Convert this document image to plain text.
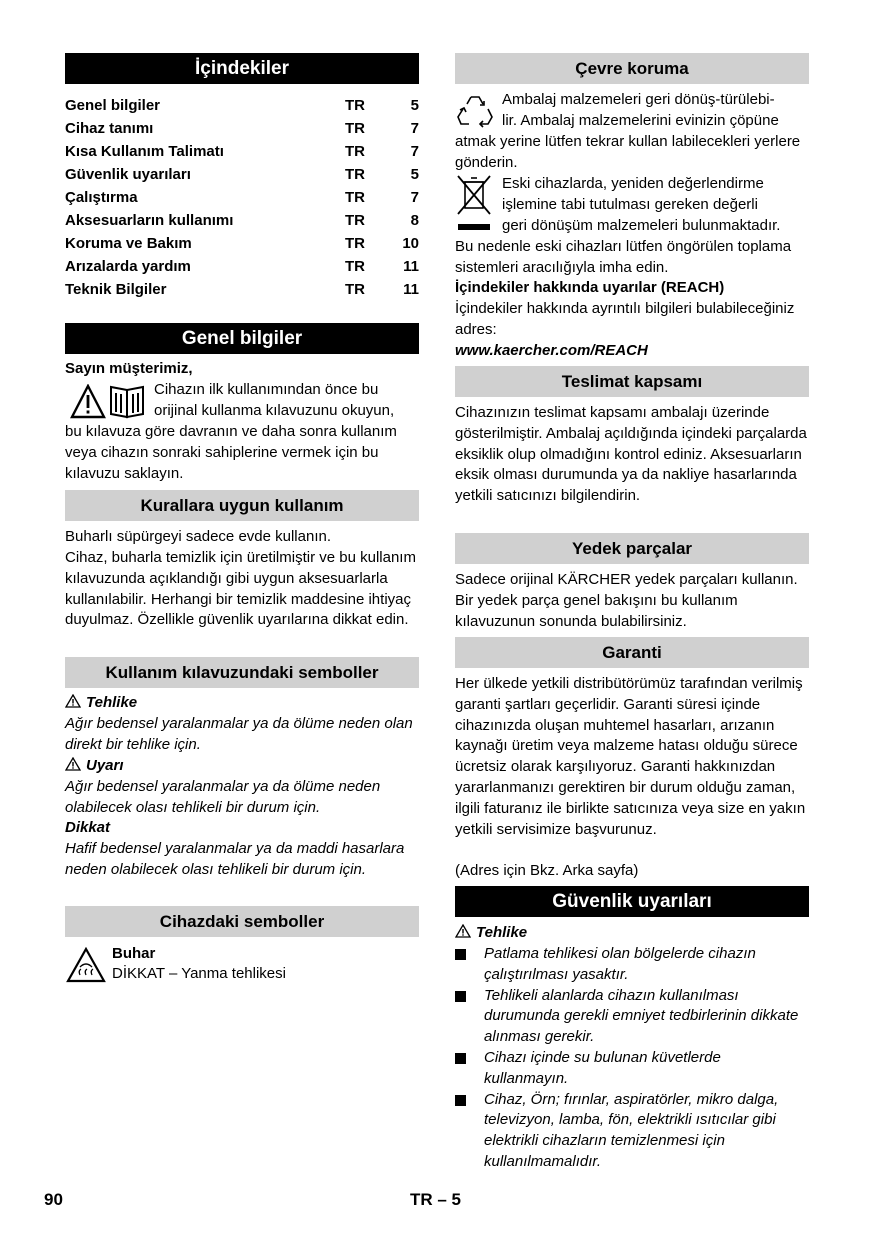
İçindekiler
Genel bilgiler	TR	5
Cihaz tanımı	TR	7
Kısa Kullanım Talimatı	TR	7
Güvenlik uyarıları	TR	5
Çalıştırma	TR	7
Aksesuarların kullanımı	TR	8
Koruma ve Bakım	TR	10
Arızalarda yardım	TR	11
Teknik Bilgiler	TR	11
Genel bilgiler
Sayın müşterimiz,
Cihazın ilk kullanımından önce bu
orijinal kullanma kılavuzunu okuyun,

bu kılavuza göre davranın ve daha sonra kullanım veya cihazın sonraki sahiplerine vermek için bu kılavuzu saklayın.

Kurallara uygun kullanım

Buharlı süpürgeyi sadece evde kullanın.

Cihaz, buharla temizlik için üretilmiştir ve bu kullanım kılavuzunda açıklandığı gibi uygun aksesuarlarla kullanılabilir. Herhangi bir temizlik maddesine ihtiyaç duyulmaz. Özellikle güvenlik uyarılarına dikkat edin.

Kullanım kılavuzundaki semboller
Tehlike

Ağır bedensel yaralanmalar ya da ölüme neden olan direkt bir tehlike için.

Uyarı

Ağır bedensel yaralanmalar ya da ölüme neden olabilecek olası tehlikeli bir durum için.

Dikkat

Hafif bedensel yaralanmalar ya da maddi hasarlara neden olabilecek olası tehlikeli bir durum için.

Cihazdaki semboller
Buhar
DİKKAT – Yanma tehlikesi
Çevre koruma
Ambalaj malzemeleri geri dönüş-türülebi-
lir. Ambalaj malzemelerini evinizin çöpüne

atmak yerine lütfen tekrar kullan labilecekleri yerlere gönderin.

Eski cihazlarda, yeniden değerlendirme
işlemine tabi tutulması gereken değerli
geri dönüşüm malzemeleri bulunmaktadır.

Bu nedenle eski cihazları lütfen öngörülen toplama sistemleri aracılığıyla imha edin.

İçindekiler hakkında uyarılar (REACH)

İçindekiler hakkında ayrıntılı bilgileri bulabileceğiniz adres:

www.kaercher.com/REACH
Teslimat kapsamı

Cihazınızın teslimat kapsamı ambalajı üzerinde gösterilmiştir. Ambalaj açıldığında içindeki parçalarda eksiklik olup olmadığını kontrol ediniz. Aksesuarların eksik olması durumunda ya da nakliye hasarlarında yetkili satıcınızı bilgilendirin.

Yedek parçalar

Sadece orijinal KÄRCHER yedek parçaları kullanın. Bir yedek parça genel bakışını bu kullanım kılavuzunun sonunda bulabilirsiniz.

Garanti

Her ülkede yetkili distribütörümüz tarafından verilmiş garanti şartları geçerlidir. Garanti süresi içinde cihazınızda oluşan muhtemel hasarları, arızanın kaynağı üretim veya malzeme hatası olduğu sürece ücretsiz olarak karşılıyoruz. Garanti hakkınızdan yararlanmanızı gerektiren bir durum olduğu zaman, ilgili faturanız ile birlikte satıcınıza veya size en yakın yetkili servisimize başvurunuz.

(Adres için Bkz. Arka sayfa)
Güvenlik uyarıları
Tehlike
Patlama tehlikesi olan bölgelerde cihazın çalıştırılması yasaktır.
Tehlikeli alanlarda cihazın kullanılması durumunda gerekli emniyet tedbirlerinin dikkate alınması gerekir.
Cihazı içinde su bulunan küvetlerde kullanmayın.
Cihaz, Örn; fırınlar, aspiratörler, mikro dalga, televizyon, lamba, fön, elektrikli ısıtıcılar gibi elektrikli cihazların temizlenmesi için kullanılmamalıdır.
90	TR – 5
